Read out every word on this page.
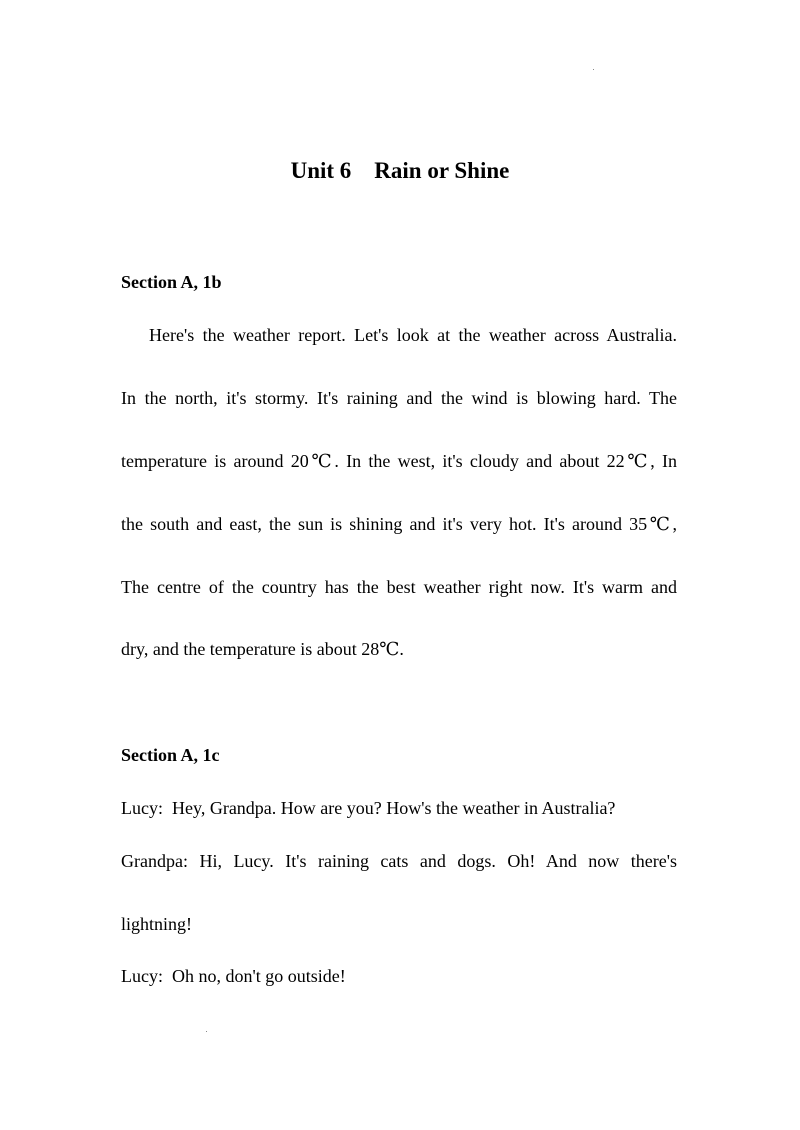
Unit 6    Rain or Shine
Section A, 1b
Here's the weather report. Let's look at the weather across Australia.
In the north, it's stormy. It's raining and the wind is blowing hard. The
temperature is around 20℃. In the west, it's cloudy and about 22℃, In
the south and east, the sun is shining and it's very hot. It's around 35℃,
The centre of the country has the best weather right now. It's warm and
dry, and the temperature is about 28℃.
Section A, 1c
Lucy:  Hey, Grandpa. How are you? How's the weather in Australia?
Grandpa: Hi, Lucy. It's raining cats and dogs. Oh! And now there's
lightning!
Lucy:  Oh no, don't go outside!
